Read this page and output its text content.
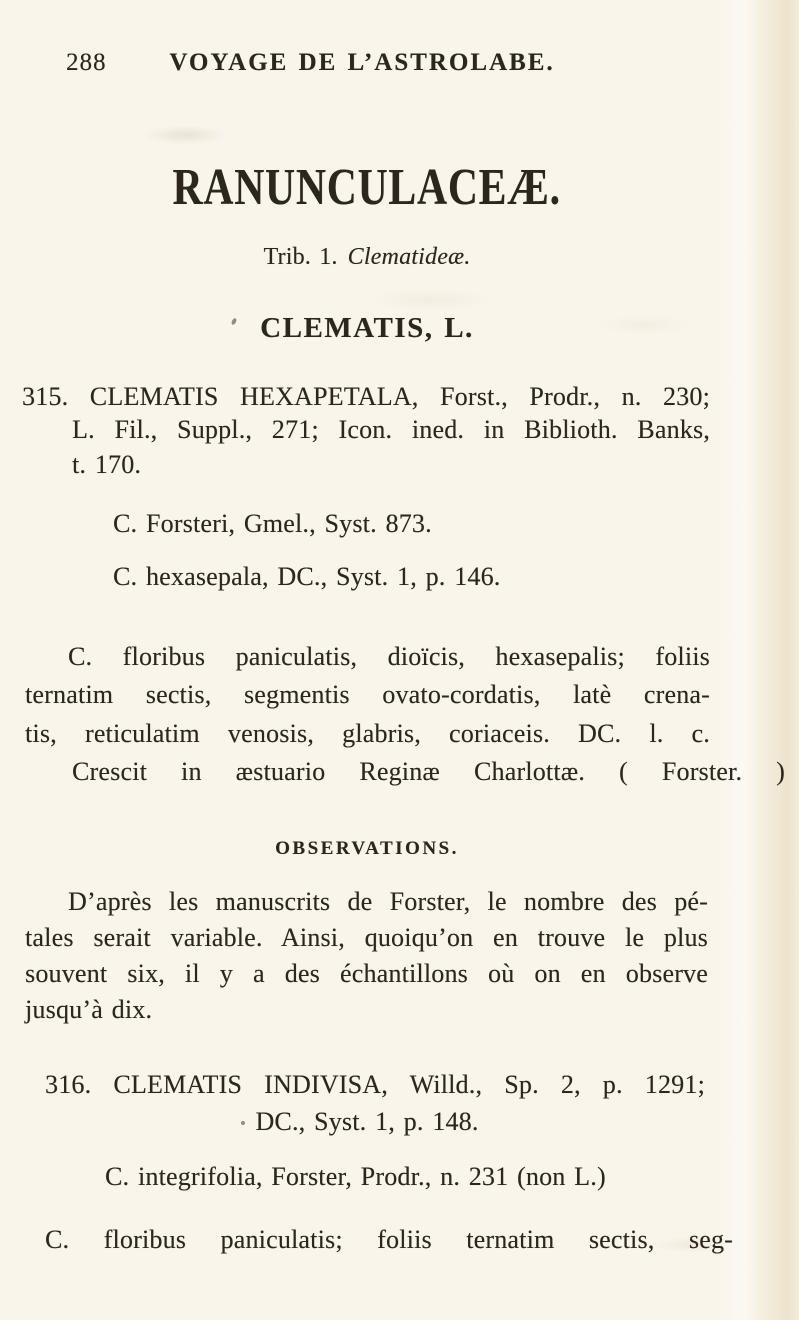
288	VOYAGE DE L’ASTROLABE.
RANUNCULACEÆ.
Trib. 1. Clematideæ.
CLEMATIS, L.
315. CLEMATIS HEXAPETALA, Forst., Prodr., n. 230;
L. Fil., Suppl., 271; Icon. ined. in Biblioth. Banks,
t. 170.
C. Forsteri, Gmel., Syst. 873.
C. hexasepala, DC., Syst. 1, p. 146.
C. floribus paniculatis, dioïcis, hexasepalis; foliis
ternatim sectis, segmentis ovato-cordatis, latè crena-
tis, reticulatim venosis, glabris, coriaceis. DC. l. c.
Crescit in æstuario Reginæ Charlottæ. ( Forster. )
OBSERVATIONS.
D’après les manuscrits de Forster, le nombre des pé-
tales serait variable. Ainsi, quoiqu’on en trouve le plus
souvent six, il y a des échantillons où on en observe
jusqu’à dix.
316. CLEMATIS INDIVISA, Willd., Sp. 2, p. 1291;
DC., Syst. 1, p. 148.
C. integrifolia, Forster, Prodr., n. 231 (non L.)
C. floribus paniculatis; foliis ternatim sectis, seg-
